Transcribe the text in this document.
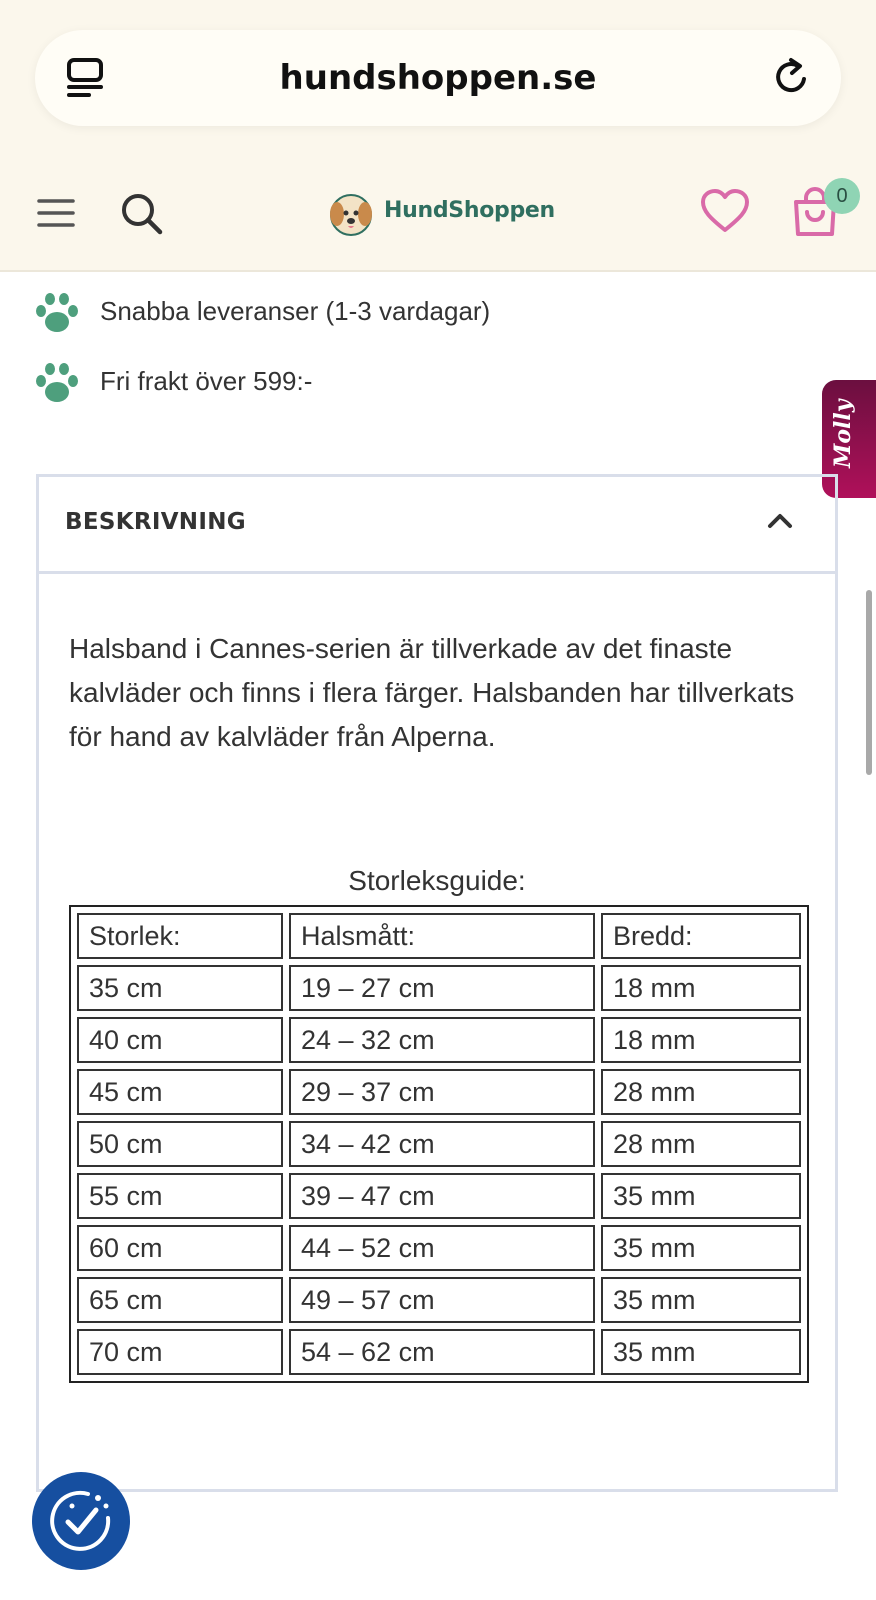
hundshoppen.se
HundShoppen
0
Snabba leveranser (1-3 vardagar)
Fri frakt över 599:-
Molly
BESKRIVNING
Halsband i Cannes-serien är tillverkade av det finaste kalvläder och finns i flera färger. Halsbanden har tillverkats för hand av kalvläder från Alperna.
Storleksguide:
Storlek:	Halsmått:	Bredd:
35 cm	19 – 27 cm	18 mm
40 cm	24 – 32 cm	18 mm
45 cm	29 – 37 cm	28 mm
50 cm	34 – 42 cm	28 mm
55 cm	39 – 47 cm	35 mm
60 cm	44 – 52 cm	35 mm
65 cm	49 – 57 cm	35 mm
70 cm	54 – 62 cm	35 mm
